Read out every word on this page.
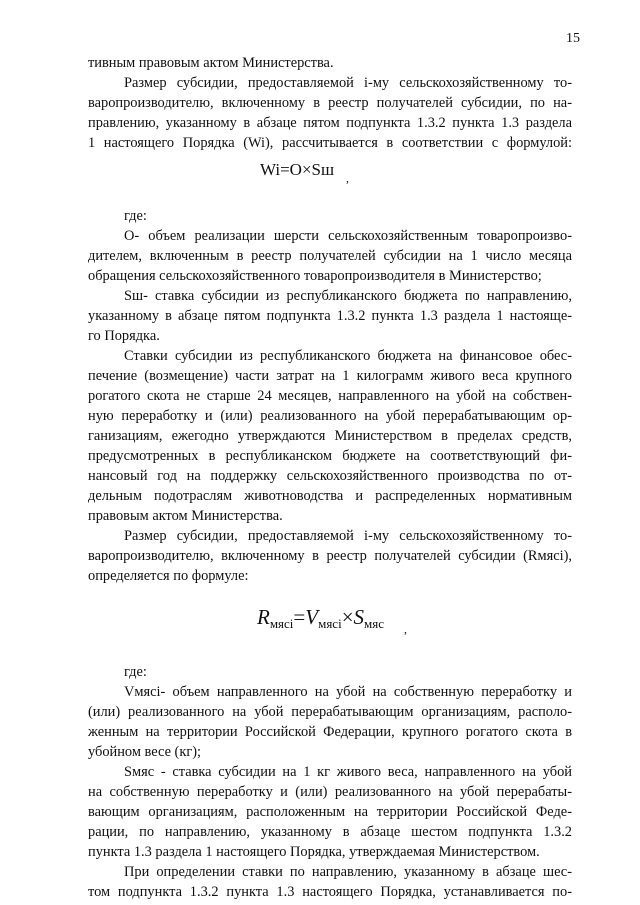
15
тивным правовым актом Министерства.
Размер субсидии, предоставляемой i-му сельскохозяйственному то-
варопроизводителю, включенному в реестр получателей субсидии, по на-
правлению, указанному в абзаце пятом подпункта 1.3.2 пункта 1.3 раздела
1 настоящего Порядка (Wi), рассчитывается в соответствии с формулой:
Wi=O×Sш ,
где:
О- объем реализации шерсти сельскохозяйственным товаропроизво-
дителем, включенным в реестр получателей субсидии на 1 число месяца
обращения сельскохозяйственного товаропроизводителя в Министерство;
Sш- ставка субсидии из республиканского бюджета по направлению,
указанному в абзаце пятом подпункта 1.3.2 пункта 1.3 раздела 1 настояще-
го Порядка.
Ставки субсидии из республиканского бюджета на финансовое обес-
печение (возмещение) части затрат на 1 килограмм живого веса крупного
рогатого скота не старше 24 месяцев, направленного на убой на собствен-
ную переработку и (или) реализованного на убой перерабатывающим ор-
ганизациям, ежегодно утверждаются Министерством в пределах средств,
предусмотренных в республиканском бюджете на соответствующий фи-
нансовый год на поддержку сельскохозяйственного производства по от-
дельным подотраслям животноводства и распределенных нормативным
правовым актом Министерства.
Размер субсидии, предоставляемой i-му сельскохозяйственному то-
варопроизводителю, включенному в реестр получателей субсидии (Rмясi),
определяется по формуле:
$R_{мясi}=V_{мясi}\times S_{мяс}$ ,
где:
Vмясi- объем направленного на убой на собственную переработку и
(или) реализованного на убой перерабатывающим организациям, располо-
женным на территории Российской Федерации, крупного рогатого скота в
убойном весе (кг);
Sмяс - ставка субсидии на 1 кг живого веса, направленного на убой
на собственную переработку и (или) реализованного на убой перерабаты-
вающим организациям, расположенным на территории Российской Феде-
рации, по направлению, указанному в абзаце шестом подпункта 1.3.2
пункта 1.3 раздела 1 настоящего Порядка, утверждаемая Министерством.
При определении ставки по направлению, указанному в абзаце шес-
том подпункта 1.3.2 пункта 1.3 настоящего Порядка, устанавливается по-
